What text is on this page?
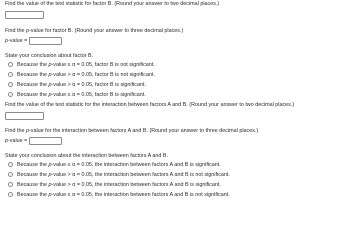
Find the value of the test statistic for factor B. (Round your answer to two decimal places.)
Find the p-value for factor B. (Round your answer to three decimal places.)
p-value =
State your conclusion about factor B.
Because the p-value ≤ α = 0.05, factor B is not significant.
Because the p-value > α = 0.05, factor B is not significant.
Because the p-value > α = 0.05, factor B is significant.
Because the p-value ≤ α = 0.05, factor B is significant.
Find the value of the test statistic for the interaction between factors A and B. (Round your answer to two decimal places.)
Find the p-value for the interaction between factors A and B. (Round your answer to three decimal places.)
p-value =
State your conclusion about the interaction between factors A and B.
Because the p-value ≤ α = 0.05, the interaction between factors A and B is significant.
Because the p-value > α = 0.05, the interaction between factors A and B is not significant.
Because the p-value > α = 0.05, the interaction between factors A and B is significant.
Because the p-value ≤ α = 0.05, the interaction between factors A and B is not significant.
